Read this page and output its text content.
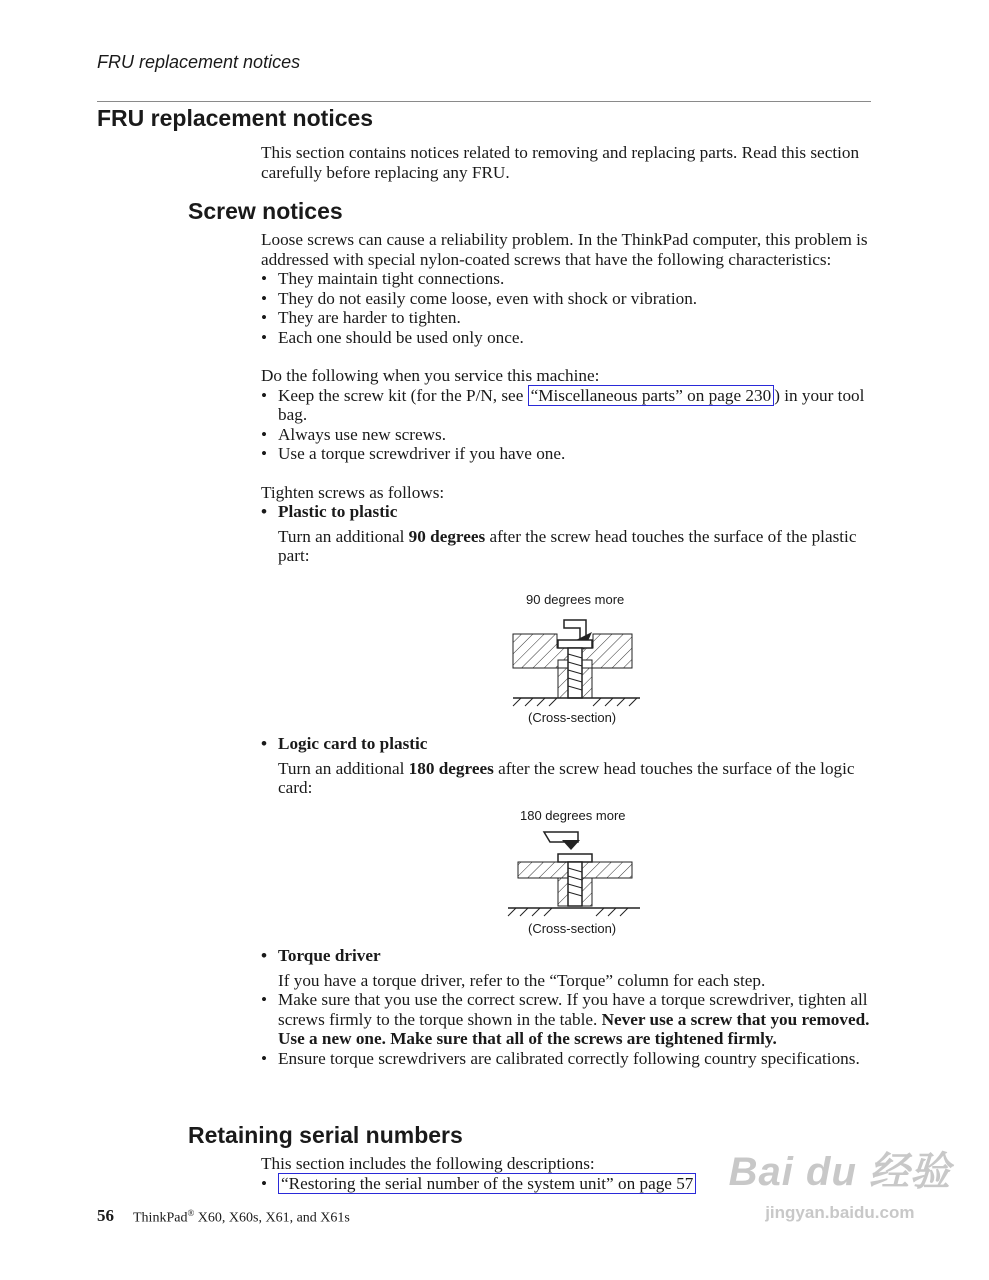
FRU replacement notices
FRU replacement notices
This section contains notices related to removing and replacing parts. Read this section carefully before replacing any FRU.
Screw notices
Loose screws can cause a reliability problem. In the ThinkPad computer, this problem is addressed with special nylon-coated screws that have the following characteristics:
• They maintain tight connections.
• They do not easily come loose, even with shock or vibration.
• They are harder to tighten.
• Each one should be used only once.
Do the following when you service this machine:
• Keep the screw kit (for the P/N, see “Miscellaneous parts” on page 230 ) in your tool bag.
• Always use new screws.
• Use a torque screwdriver if you have one.
Tighten screws as follows:
• Plastic to plastic
Turn an additional 90 degrees after the screw head touches the surface of the plastic part:
90 degrees more
(Cross-section)
• Logic card to plastic
Turn an additional 180 degrees after the screw head touches the surface of the logic card:
180 degrees more
(Cross-section)
• Torque driver
If you have a torque driver, refer to the “Torque” column for each step.
• Make sure that you use the correct screw. If you have a torque screwdriver, tighten all screws firmly to the torque shown in the table. Never use a screw that you removed. Use a new one. Make sure that all of the screws are tightened firmly.
• Ensure torque screwdrivers are calibrated correctly following country specifications.
Retaining serial numbers
This section includes the following descriptions:
• “Restoring the serial number of the system unit” on page 57
56 ThinkPad® X60, X60s, X61, and X61s
Bai du 经验
jingyan.baidu.com
